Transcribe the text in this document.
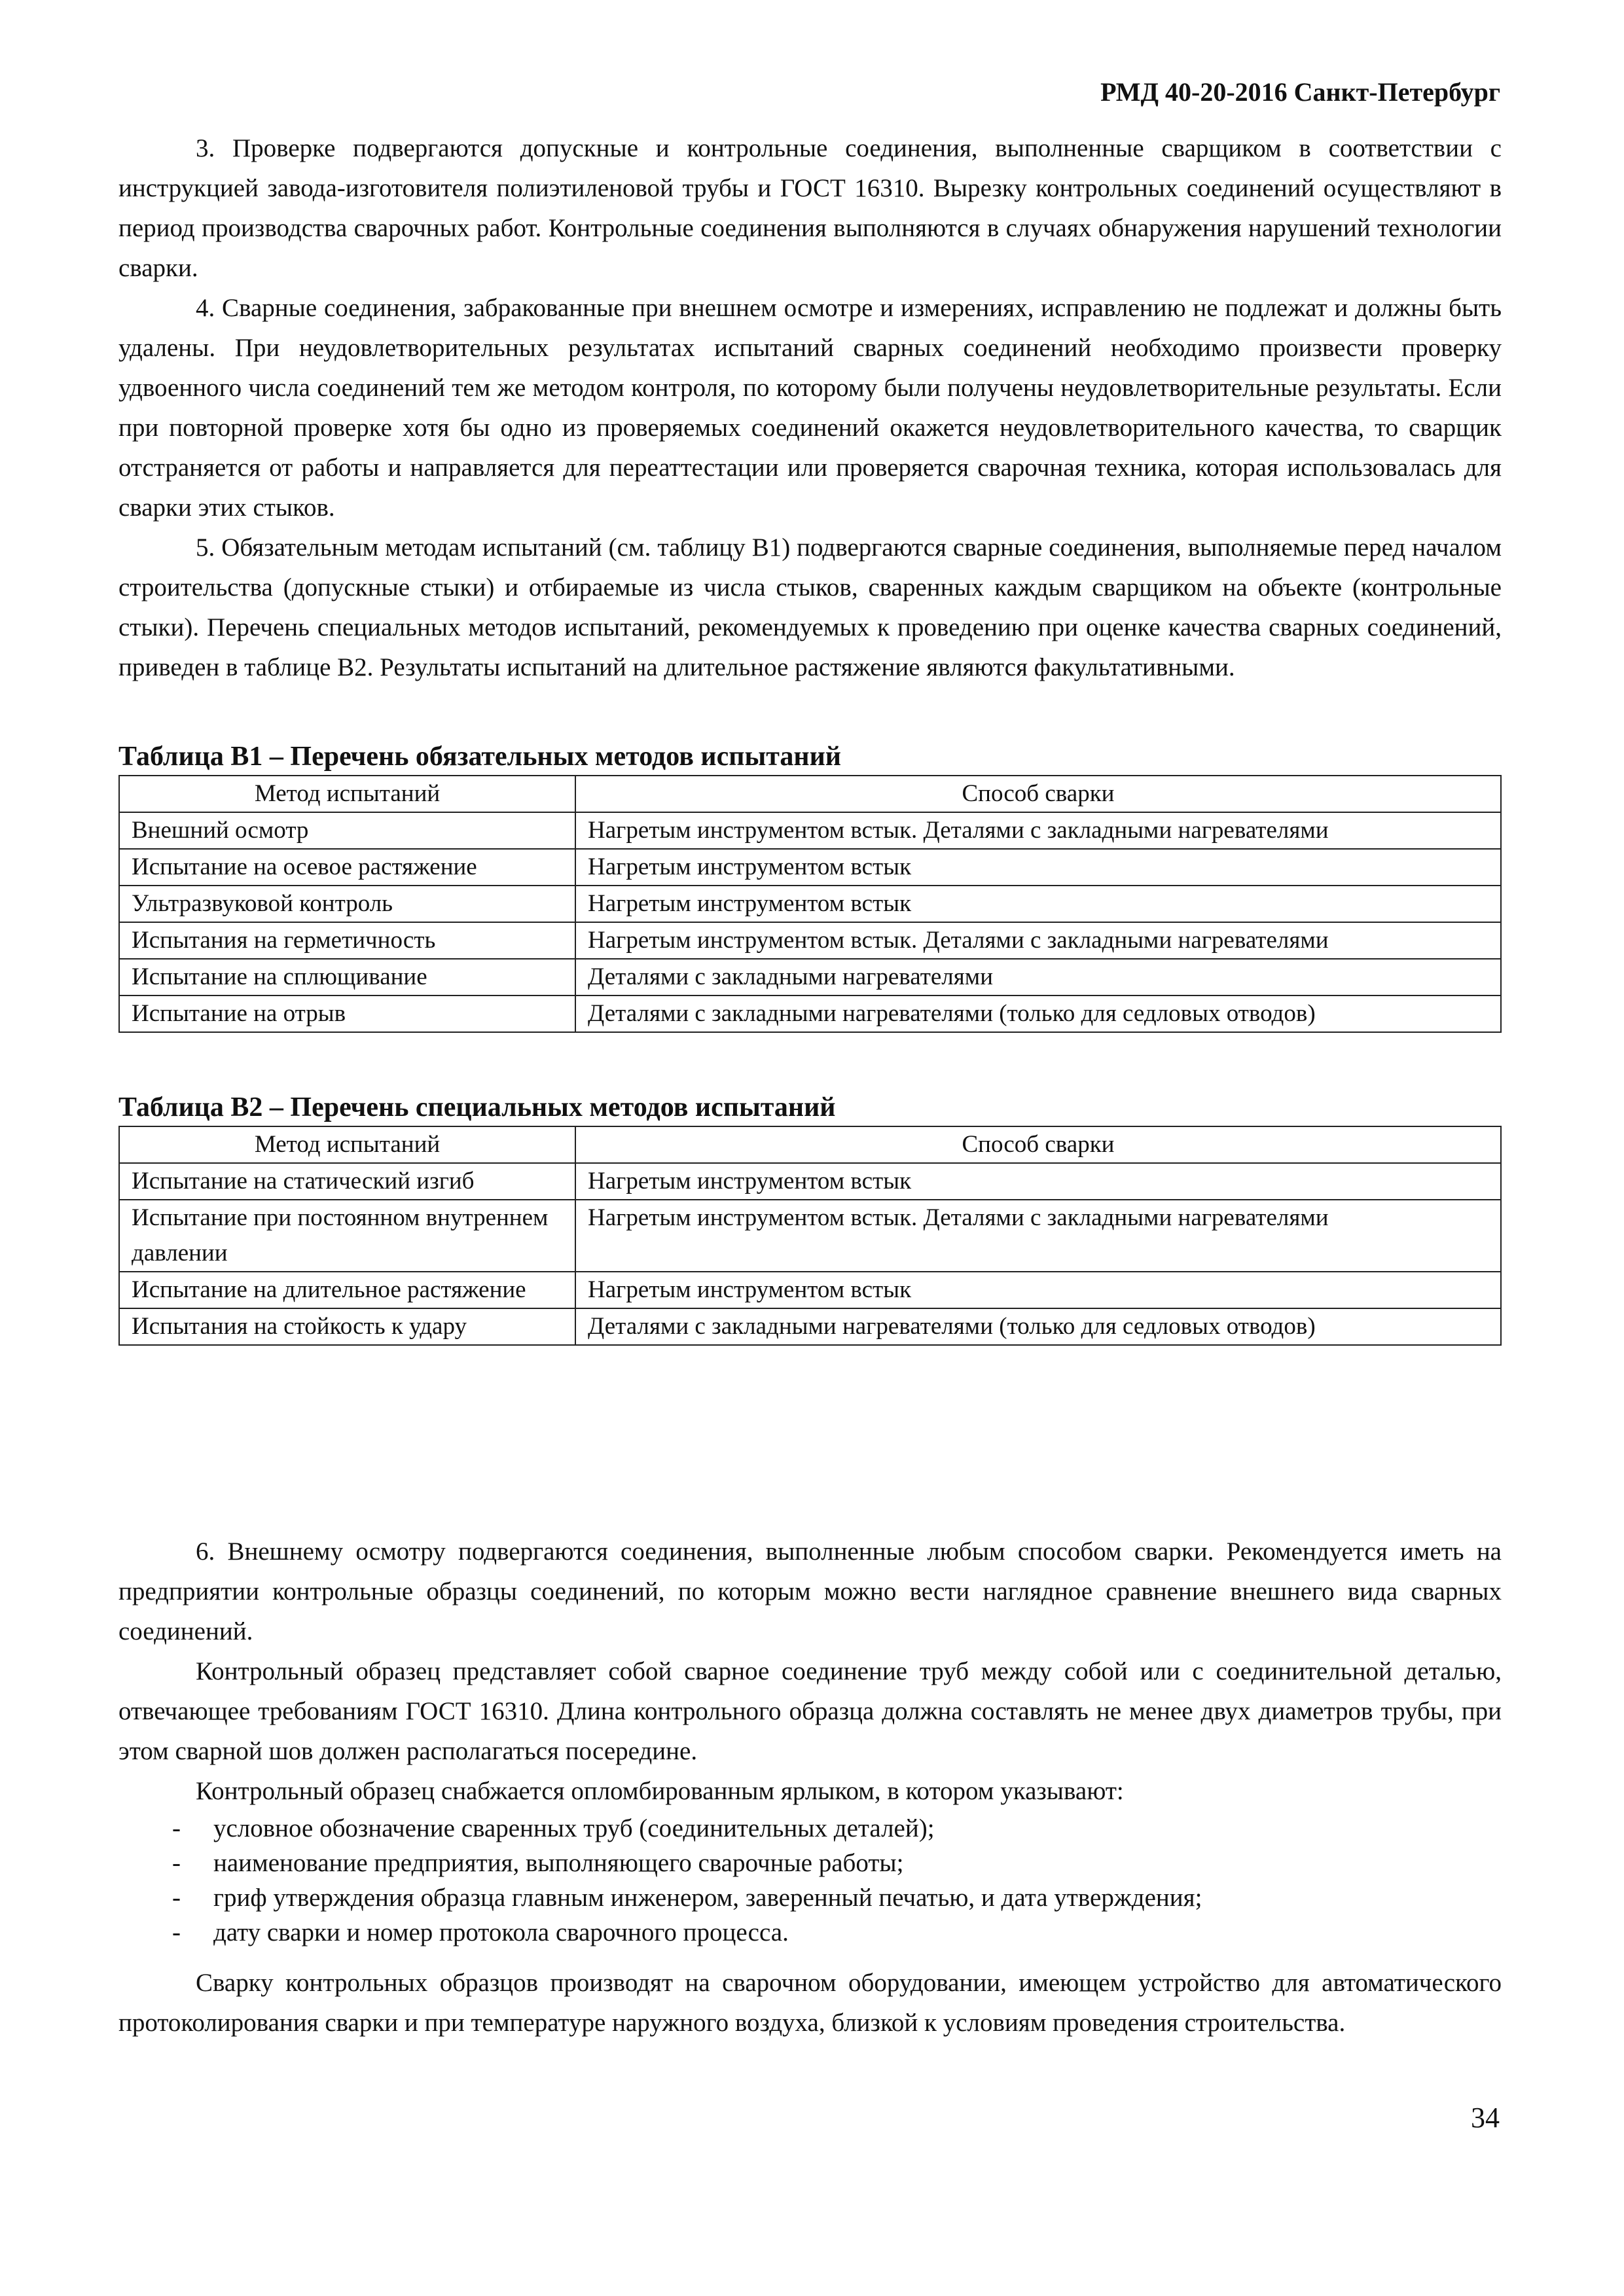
РМД 40-20-2016 Санкт-Петербург

3. Проверке подвергаются допускные и контрольные соединения, выполненные сварщиком в соответствии с инструкцией завода-изготовителя полиэтиленовой трубы и ГОСТ 16310. Вырезку контрольных соединений осуществляют в период производства сварочных работ. Контрольные соединения выполняются в случаях обнаружения нарушений технологии сварки.

4. Сварные соединения, забракованные при внешнем осмотре и измерениях, исправлению не подлежат и должны быть удалены. При неудовлетворительных результатах испытаний сварных соединений необходимо произвести проверку удвоенного числа соединений тем же методом контроля, по которому были получены неудовлетворительные результаты. Если при повторной проверке хотя бы одно из проверяемых соединений окажется неудовлетворительного качества, то сварщик отстраняется от работы и направляется для переаттестации или проверяется сварочная техника, которая использовалась для сварки этих стыков.

5. Обязательным методам испытаний (см. таблицу В1) подвергаются сварные соединения, выполняемые перед началом строительства (допускные стыки) и отбираемые из числа стыков, сваренных каждым сварщиком на объекте (контрольные стыки). Перечень специальных методов испытаний, рекомендуемых к проведению при оценке качества сварных соединений, приведен в таблице В2. Результаты испытаний на длительное растяжение являются факультативными.

Таблица В1 – Перечень обязательных методов испытаний

Метод испытаний	Способ сварки
Внешний осмотр	Нагретым инструментом встык. Деталями с закладными нагревателями
Испытание на осевое растяжение	Нагретым инструментом встык
Ультразвуковой контроль	Нагретым инструментом встык
Испытания на герметичность	Нагретым инструментом встык. Деталями с закладными нагревателями
Испытание на сплющивание	Деталями с закладными нагревателями
Испытание на отрыв	Деталями с закладными нагревателями (только для седловых отводов)

Таблица В2 – Перечень специальных методов испытаний

Метод испытаний	Способ сварки
Испытание на статический изгиб	Нагретым инструментом встык
Испытание при постоянном внутреннем давлении	Нагретым инструментом встык. Деталями с закладными нагревателями
Испытание на длительное растяжение	Нагретым инструментом встык
Испытания на стойкость к удару	Деталями с закладными нагревателями (только для седловых отводов)

6. Внешнему осмотру подвергаются соединения, выполненные любым способом сварки. Рекомендуется иметь на предприятии контрольные образцы соединений, по которым можно вести наглядное сравнение внешнего вида сварных соединений.

Контрольный образец представляет собой сварное соединение труб между собой или с соединительной деталью, отвечающее требованиям ГОСТ 16310. Длина контрольного образца должна составлять не менее двух диаметров трубы, при этом сварной шов должен располагаться посередине.

Контрольный образец снабжается опломбированным ярлыком, в котором указывают:

- условное обозначение сваренных труб (соединительных деталей);
- наименование предприятия, выполняющего сварочные работы;
- гриф утверждения образца главным инженером, заверенный печатью, и дата утверждения;
- дату сварки и номер протокола сварочного процесса.

Сварку контрольных образцов производят на сварочном оборудовании, имеющем устройство для автоматического протоколирования сварки и при температуре наружного воздуха, близкой к условиям проведения строительства.

34
